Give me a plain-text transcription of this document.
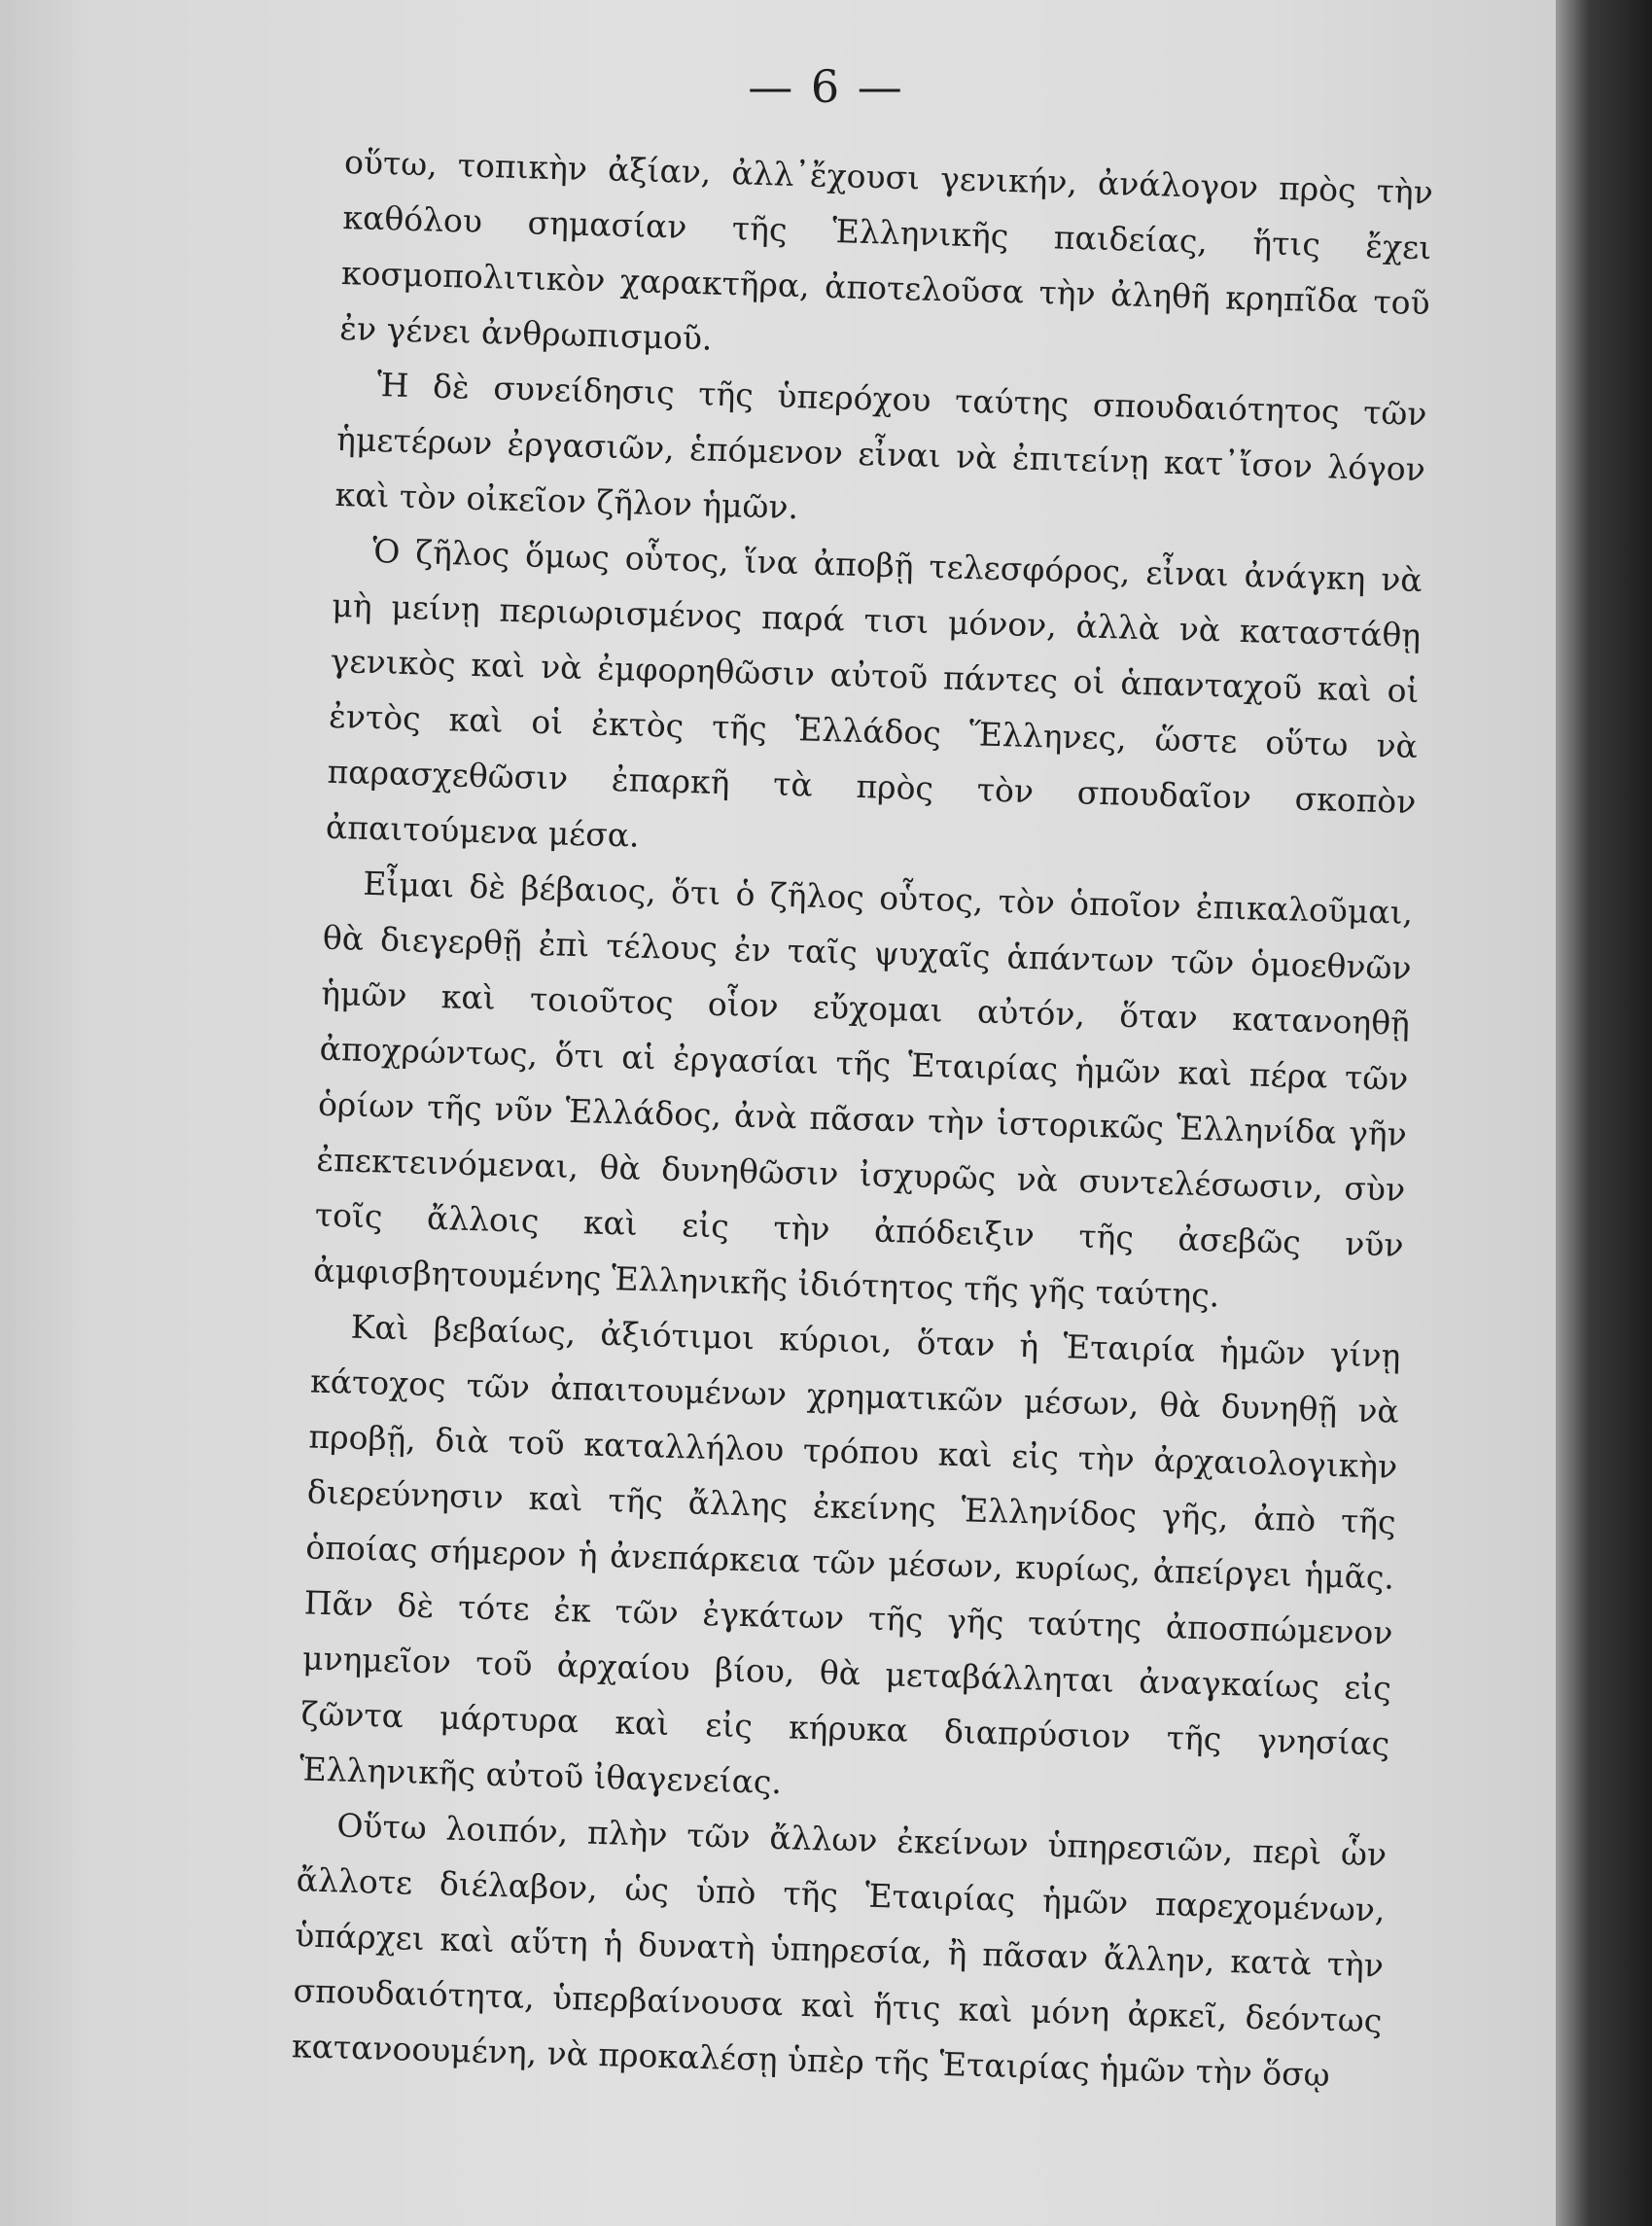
— 6 —

οὕτω, τοπικὴν ἀξίαν, ἀλλ᾽ἔχουσι γενικήν, ἀνάλογον πρὸς τὴν καθόλου σημασίαν τῆς Ἑλληνικῆς παιδείας, ἥτις ἔχει κοσμοπολιτικὸν χαρακτῆρα, ἀποτελοῦσα τὴν ἀληθῆ κρηπῖδα τοῦ ἐν γένει ἀνθρωπισμοῦ.

Ἡ δὲ συνείδησις τῆς ὑπερόχου ταύτης σπουδαιότητος τῶν ἡμετέρων ἐργασιῶν, ἑπόμενον εἶναι νὰ ἐπιτείνῃ κατ᾽ἴσον λόγον καὶ τὸν οἰκεῖον ζῆλον ἡμῶν.

Ὁ ζῆλος ὅμως οὗτος, ἵνα ἀποβῇ τελεσφόρος, εἶναι ἀνάγκη νὰ μὴ μείνῃ περιωρισμένος παρά τισι μόνον, ἀλλὰ νὰ καταστάθῃ γενικὸς καὶ νὰ ἐμφορηθῶσιν αὐτοῦ πάντες οἱ ἁπανταχοῦ καὶ οἱ ἐντὸς καὶ οἱ ἐκτὸς τῆς Ἑλλάδος Ἕλληνες, ὥστε οὕτω νὰ παρασχεθῶσιν ἐπαρκῆ τὰ πρὸς τὸν σπουδαῖον σκοπὸν ἀπαιτούμενα μέσα.

Εἶμαι δὲ βέβαιος, ὅτι ὁ ζῆλος οὗτος, τὸν ὁποῖον ἐπικαλοῦμαι, θὰ διεγερθῇ ἐπὶ τέλους ἐν ταῖς ψυχαῖς ἁπάντων τῶν ὁμοεθνῶν ἡμῶν καὶ τοιοῦτος οἷον εὔχομαι αὐτόν, ὅταν κατανοηθῇ ἀποχρώντως, ὅτι αἱ ἐργασίαι τῆς Ἑταιρίας ἡμῶν καὶ πέρα τῶν ὁρίων τῆς νῦν Ἑλλάδος, ἀνὰ πᾶσαν τὴν ἱστορικῶς Ἑλληνίδα γῆν ἐπεκτεινόμεναι, θὰ δυνηθῶσιν ἰσχυρῶς νὰ συντελέσωσιν, σὺν τοῖς ἄλλοις καὶ εἰς τὴν ἀπόδειξιν τῆς ἀσεβῶς νῦν ἀμφισβητουμένης Ἑλληνικῆς ἰδιότητος τῆς γῆς ταύτης.

Καὶ βεβαίως, ἀξιότιμοι κύριοι, ὅταν ἡ Ἑταιρία ἡμῶν γίνῃ κάτοχος τῶν ἀπαιτουμένων χρηματικῶν μέσων, θὰ δυνηθῇ νὰ προβῇ, διὰ τοῦ καταλλήλου τρόπου καὶ εἰς τὴν ἀρχαιολογικὴν διερεύνησιν καὶ τῆς ἄλλης ἐκείνης Ἑλληνίδος γῆς, ἀπὸ τῆς ὁποίας σήμερον ἡ ἀνεπάρκεια τῶν μέσων, κυρίως, ἀπείργει ἡμᾶς. Πᾶν δὲ τότε ἐκ τῶν ἐγκάτων τῆς γῆς ταύτης ἀποσπώμενον μνημεῖον τοῦ ἀρχαίου βίου, θὰ μεταβάλληται ἀναγκαίως εἰς ζῶντα μάρτυρα καὶ εἰς κήρυκα διαπρύσιον τῆς γνησίας Ἑλληνικῆς αὐτοῦ ἰθαγενείας.

Οὕτω λοιπόν, πλὴν τῶν ἄλλων ἐκείνων ὑπηρεσιῶν, περὶ ὧν ἄλλοτε διέλαβον, ὡς ὑπὸ τῆς Ἑταιρίας ἡμῶν παρεχομένων, ὑπάρχει καὶ αὕτη ἡ δυνατὴ ὑπηρεσία, ἢ πᾶσαν ἄλλην, κατὰ τὴν σπουδαιότητα, ὑπερβαίνουσα καὶ ἥτις καὶ μόνη ἀρκεῖ, δεόντως κατανοουμένη, νὰ προκαλέσῃ ὑπὲρ τῆς Ἑταιρίας ἡμῶν τὴν ὅσῳ
